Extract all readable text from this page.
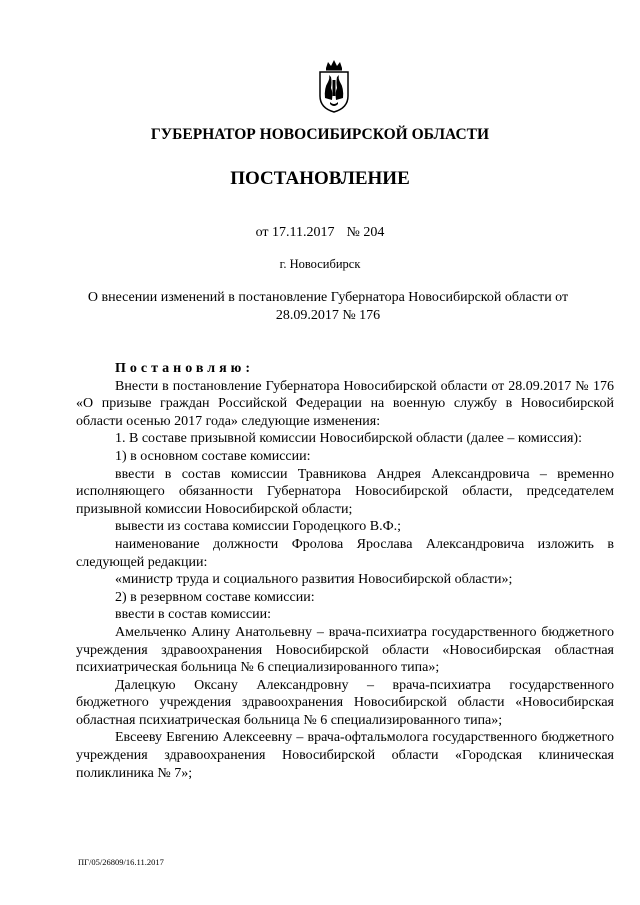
ГУБЕРНАТОР НОВОСИБИРСКОЙ ОБЛАСТИ
ПОСТАНОВЛЕНИЕ
от 17.11.2017 № 204
г. Новосибирск
О внесении изменений в постановление Губернатора Новосибирской области от 28.09.2017 № 176

Постановляю:

Внести в постановление Губернатора Новосибирской области от 28.09.2017 № 176 «О призыве граждан Российской Федерации на военную службу в Новосибирской области осенью 2017 года» следующие изменения:

1. В составе призывной комиссии Новосибирской области (далее – комиссия):

1) в основном составе комиссии:

ввести в состав комиссии Травникова Андрея Александровича – временно исполняющего обязанности Губернатора Новосибирской области, председателем призывной комиссии Новосибирской области;

вывести из состава комиссии Городецкого В.Ф.;

наименование должности Фролова Ярослава Александровича изложить в следующей редакции:

«министр труда и социального развития Новосибирской области»;

2) в резервном составе комиссии:

ввести в состав комиссии:

Амельченко Алину Анатольевну – врача-психиатра государственного бюджетного учреждения здравоохранения Новосибирской области «Новосибирская областная психиатрическая больница № 6 специализированного типа»;

Далецкую Оксану Александровну – врача-психиатра государственного бюджетного учреждения здравоохранения Новосибирской области «Новосибирская областная психиатрическая больница № 6 специализированного типа»;

Евсееву Евгению Алексеевну – врача-офтальмолога государственного бюджетного учреждения здравоохранения Новосибирской области «Городская клиническая поликлиника № 7»;

ПГ/05/26809/16.11.2017
